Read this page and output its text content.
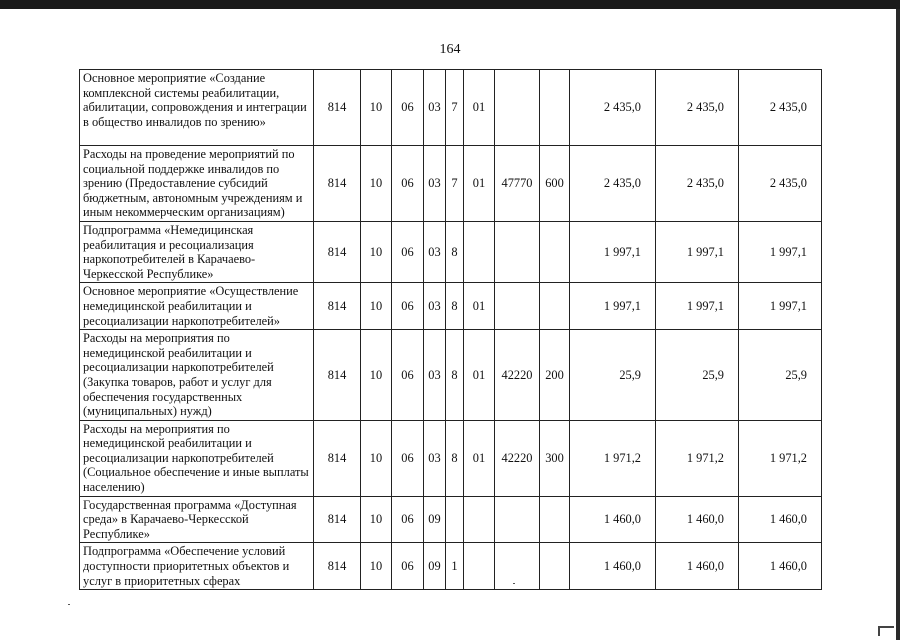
164
Основное мероприятие «Создание комплексной системы реабилитации, абилитации, сопровождения и интеграции в общество инвалидов по зрению»	814	10	06	03	7	01			2 435,0	2 435,0	2 435,0
Расходы на проведение мероприятий по социальной поддержке инвалидов по зрению (Предоставление субсидий бюджетным, автономным учреждениям и иным некоммерческим организациям)	814	10	06	03	7	01	47770	600	2 435,0	2 435,0	2 435,0
Подпрограмма «Немедицинская реабилитация и ресоциализация наркопотребителей в Карачаево-Черкесской Республике»	814	10	06	03	8				1 997,1	1 997,1	1 997,1
Основное мероприятие «Осуществление немедицинской реабилитации и ресоциализации наркопотребителей»	814	10	06	03	8	01			1 997,1	1 997,1	1 997,1
Расходы на мероприятия по немедицинской реабилитации и ресоциализации наркопотребителей (Закупка товаров, работ и услуг для обеспечения государственных (муниципальных) нужд)	814	10	06	03	8	01	42220	200	25,9	25,9	25,9
Расходы на мероприятия по немедицинской реабилитации и ресоциализации наркопотребителей (Социальное обеспечение и иные выплаты населению)	814	10	06	03	8	01	42220	300	1 971,2	1 971,2	1 971,2
Государственная программа «Доступная среда» в Карачаево-Черкесской Республике»	814	10	06	09					1 460,0	1 460,0	1 460,0
Подпрограмма «Обеспечение условий доступности приоритетных объектов и услуг в приоритетных сферах	814	10	06	09	1				1 460,0	1 460,0	1 460,0
